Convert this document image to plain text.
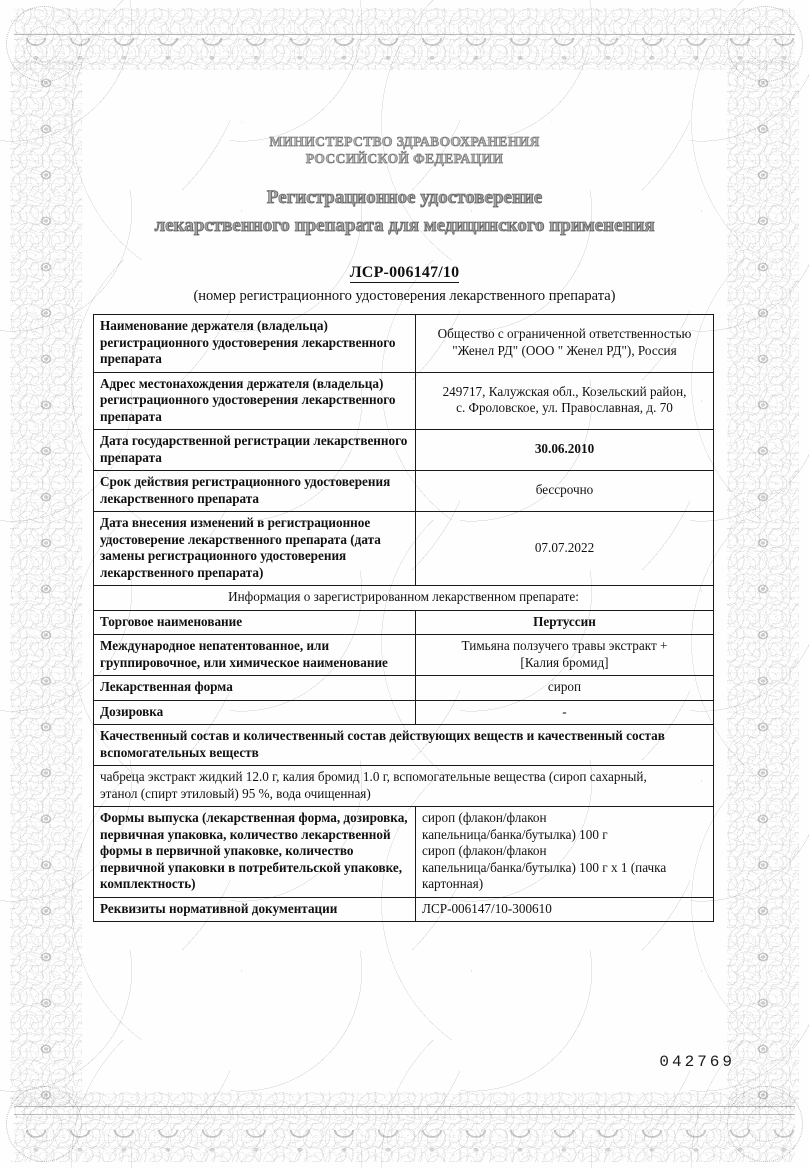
МИНИСТЕРСТВО ЗДРАВООХРАНЕНИЯ
РОССИЙСКОЙ ФЕДЕРАЦИИ
Регистрационное удостоверение
лекарственного препарата для медицинского применения
ЛСР-006147/10
(номер регистрационного удостоверения лекарственного препарата)
Наименование держателя (владельца) регистрационного удостоверения лекарственного препарата	Общество с ограниченной ответственностью
"Женел РД" (ООО " Женел РД"), Россия

Адрес местонахождения держателя (владельца) регистрационного удостоверения лекарственного препарата	249717, Калужская обл., Козельский район,
с. Фроловское, ул. Православная, д. 70

Дата государственной регистрации лекарственного препарата	30.06.2010
Срок действия регистрационного удостоверения лекарственного препарата	бессрочно
Дата внесения изменений в регистрационное удостоверение лекарственного препарата (дата замены регистрационного удостоверения лекарственного препарата)	07.07.2022
Информация о зарегистрированном лекарственном препарате:	
Торговое наименование	Пертуссин
Международное непатентованное, или группировочное, или химическое наименование	Тимьяна ползучего травы экстракт +
[Калия бромид]

Лекарственная форма	сироп
Дозировка	-
Качественный состав и количественный состав действующих веществ и качественный состав вспомогательных веществ	

чабреца экстракт жидкий 12.0 г, калия бромид 1.0 г, вспомогательные вещества (сироп сахарный,
этанол (спирт этиловый) 95 %, вода очищенная)	

Формы выпуска (лекарственная форма, дозировка, первичная упаковка, количество лекарственной формы в первичной упаковке, количество первичной упаковки в потребительской упаковке, комплектность)	сироп (флакон/флакон
капельница/банка/бутылка) 100 г
сироп (флакон/флакон
капельница/банка/бутылка) 100 г x 1 (пачка
картонная)

Реквизиты нормативной документации	ЛСР-006147/10-300610
042769
